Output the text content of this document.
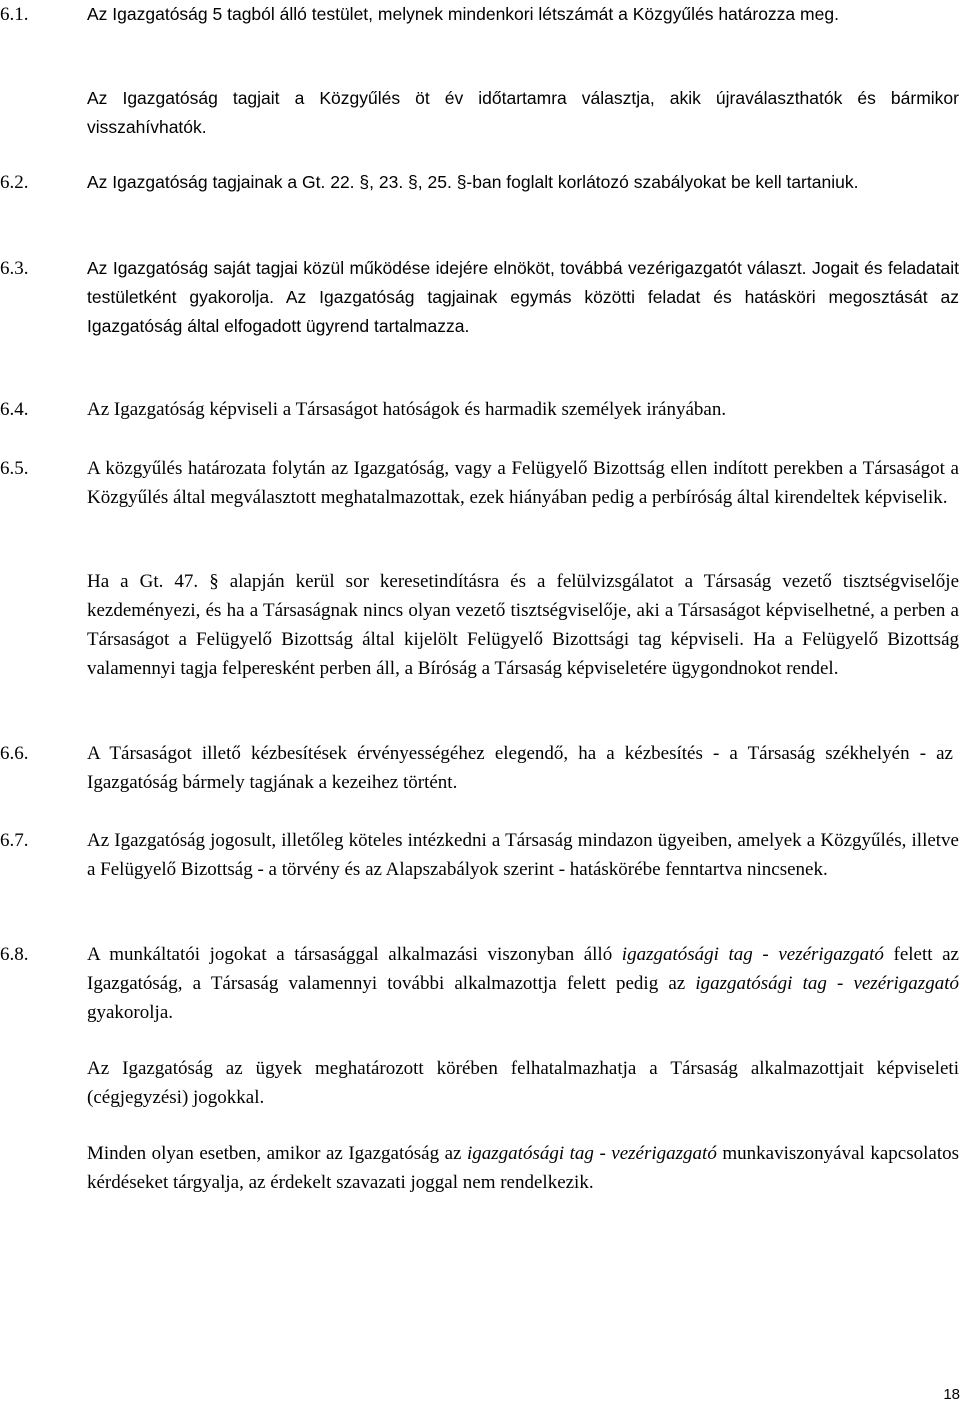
6.1.	Az Igazgatóság 5 tagból álló testület, melynek mindenkori létszámát a Közgyűlés határozza meg.
Az Igazgatóság tagjait a Közgyűlés öt év időtartamra választja, akik újraválaszthatók és bármikor visszahívhatók.
6.2.	Az Igazgatóság tagjainak a Gt. 22. §, 23. §, 25. §-ban foglalt korlátozó szabályokat be kell tartaniuk.
6.3.	Az Igazgatóság saját tagjai közül működése idejére elnököt, továbbá vezérigazgatót választ. Jogait és feladatait testületként gyakorolja. Az Igazgatóság tagjainak egymás közötti feladat és hatásköri megosztását az Igazgatóság által elfogadott ügyrend tartalmazza.
6.4.	Az Igazgatóság képviseli a Társaságot hatóságok és harmadik személyek irányában.
6.5.	A közgyűlés határozata folytán az Igazgatóság, vagy a Felügyelő Bizottság ellen indított perekben a Társaságot a Közgyűlés által megválasztott meghatalmazottak, ezek hiányában pedig a perbíróság által kirendeltek képviselik.
Ha a Gt. 47. § alapján kerül sor keresetindításra és a felülvizsgálatot a Társaság vezető tisztségviselője kezdeményezi, és ha a Társaságnak nincs olyan vezető tisztségviselője, aki a Társaságot képviselhetné, a perben a Társaságot a Felügyelő Bizottság által kijelölt Felügyelő Bizottsági tag képviseli. Ha a Felügyelő Bizottság valamennyi tagja felperesként perben áll, a Bíróság a Társaság képviseletére ügygondnokot rendel.
6.6.	A Társaságot illető kézbesítések érvényességéhez elegendő, ha a kézbesítés - a Társaság székhelyén - az Igazgatóság bármely tagjának a kezeihez történt.
6.7.	Az Igazgatóság jogosult, illetőleg köteles intézkedni a Társaság mindazon ügyeiben, amelyek a Közgyűlés, illetve a Felügyelő Bizottság - a törvény és az Alapszabályok szerint - hatáskörébe fenntartva nincsenek.
6.8.	A munkáltatói jogokat a társasággal alkalmazási viszonyban álló igazgatósági tag - vezérigazgató felett az Igazgatóság, a Társaság valamennyi további alkalmazottja felett pedig az igazgatósági tag - vezérigazgató gyakorolja.
Az Igazgatóság az ügyek meghatározott körében felhatalmazhatja a Társaság alkalmazottjait képviseleti (cégjegyzési) jogokkal.
Minden olyan esetben, amikor az Igazgatóság az igazgatósági tag - vezérigazgató munkaviszonyával kapcsolatos kérdéseket tárgyalja, az érdekelt szavazati joggal nem rendelkezik.
18
